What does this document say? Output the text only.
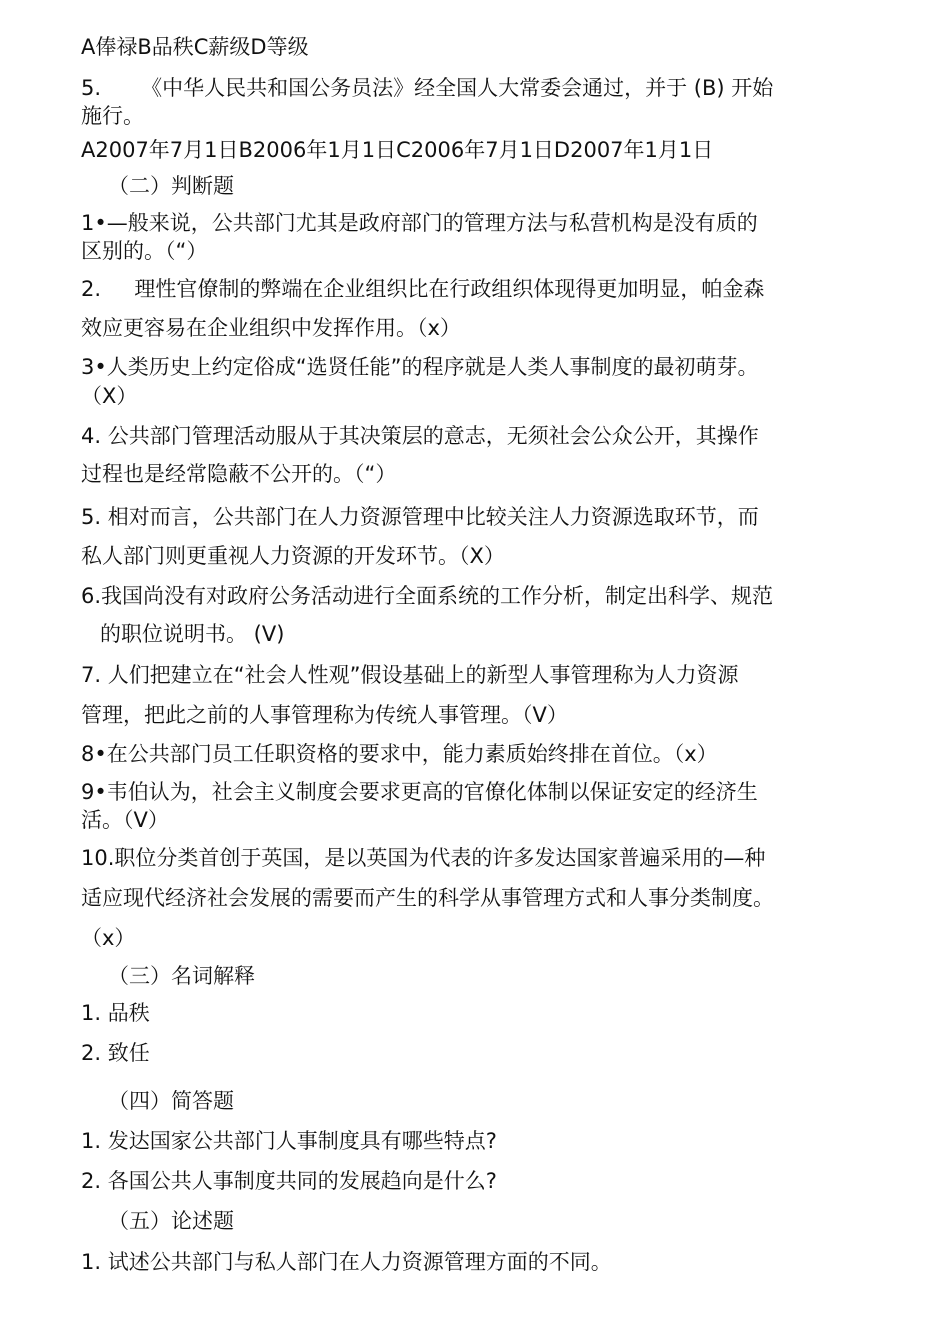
A俸禄B品秩C薪级D等级
5.      《中华人民共和国公务员法》经全国人大常委会通过，并于 (B) 开始
施行。
A2007年7月1日B2006年1月1日C2006年7月1日D2007年1月1日
（二）判断题
1•—般来说，公共部门尤其是政府部门的管理方法与私营机构是没有质的
区别的。（“）
2.     理性官僚制的弊端在企业组织比在行政组织体现得更加明显，帕金森
效应更容易在企业组织中发挥作用。（x）
3•人类历史上约定俗成“选贤任能”的程序就是人类人事制度的最初萌芽。
（X）
4. 公共部门管理活动服从于其决策层的意志，无须社会公众公开，其操作
过程也是经常隐蔽不公开的。（“）
5. 相对而言，公共部门在人力资源管理中比较关注人力资源选取环节，而
私人部门则更重视人力资源的开发环节。（X）
6.我国尚没有对政府公务活动进行全面系统的工作分析，制定出科学、规范
的职位说明书。 (V)
7. 人们把建立在“社会人性观”假设基础上的新型人事管理称为人力资源
管理，把此之前的人事管理称为传统人事管理。（V）
8•在公共部门员工任职资格的要求中，能力素质始终排在首位。（x）
9•韦伯认为，社会主义制度会要求更高的官僚化体制以保证安定的经济生
活。（V）
10.职位分类首创于英国，是以英国为代表的许多发达国家普遍采用的—种
适应现代经济社会发展的需要而产生的科学从事管理方式和人事分类制度。
（x）
（三）名词解释
1. 品秩
2. 致任
（四）简答题
1. 发达国家公共部门人事制度具有哪些特点?
2. 各国公共人事制度共同的发展趋向是什么?
（五）论述题
1. 试述公共部门与私人部门在人力资源管理方面的不同。
